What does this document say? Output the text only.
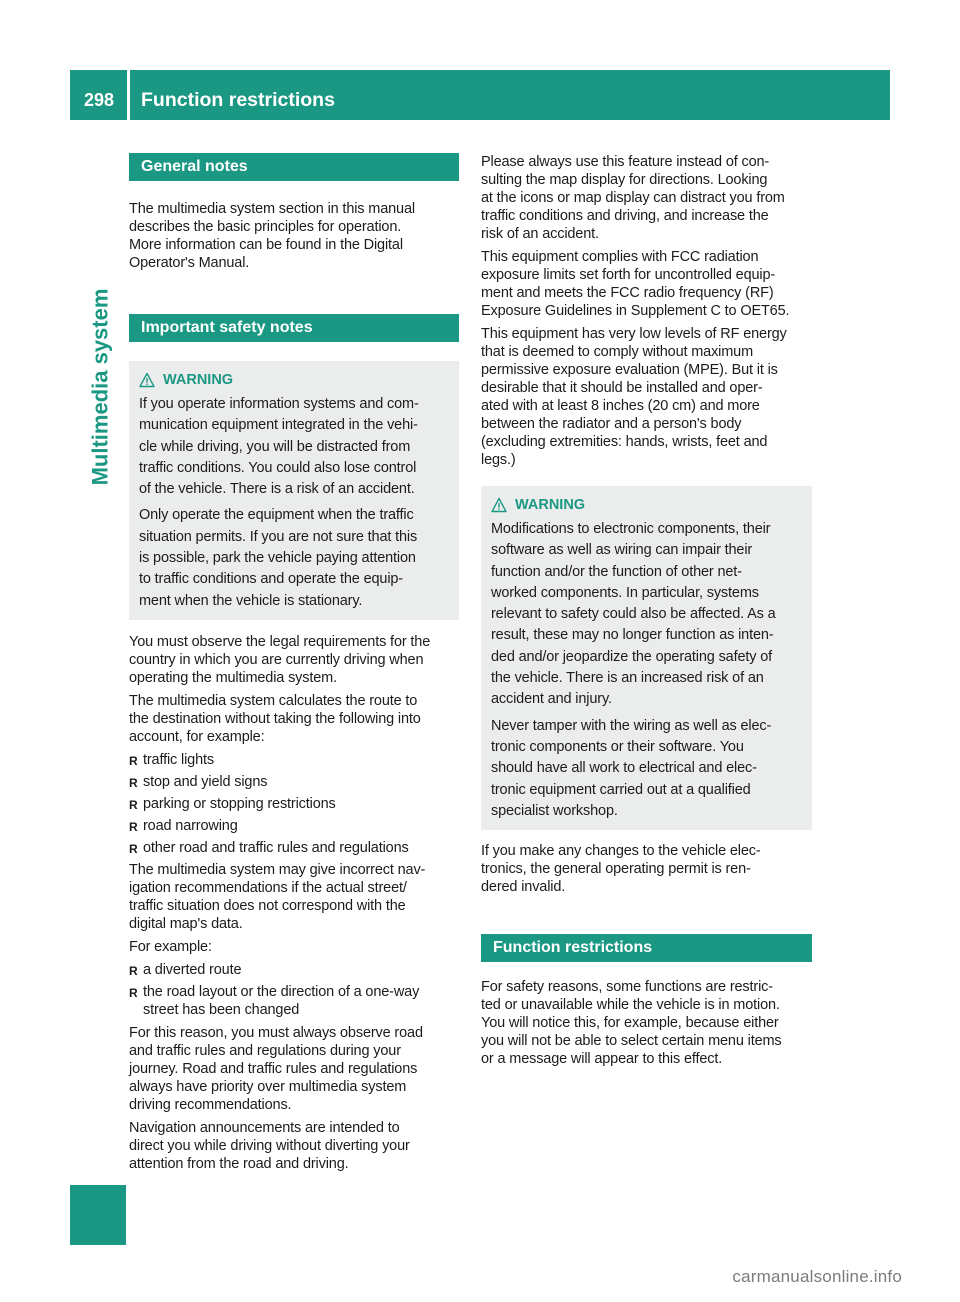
298	Function restrictions
Multimedia system
General notes
The multimedia system section in this manual
describes the basic principles for operation.
More information can be found in the Digital
Operator's Manual.
Important safety notes
WARNING
If you operate information systems and com-
munication equipment integrated in the vehi-
cle while driving, you will be distracted from
traffic conditions. You could also lose control
of the vehicle. There is a risk of an accident.
Only operate the equipment when the traffic
situation permits. If you are not sure that this
is possible, park the vehicle paying attention
to traffic conditions and operate the equip-
ment when the vehicle is stationary.
You must observe the legal requirements for the
country in which you are currently driving when
operating the multimedia system.
The multimedia system calculates the route to
the destination without taking the following into
account, for example:
R traffic lights
R stop and yield signs
R parking or stopping restrictions
R road narrowing
R other road and traffic rules and regulations
The multimedia system may give incorrect nav-
igation recommendations if the actual street/
traffic situation does not correspond with the
digital map's data.
For example:
R a diverted route
R the road layout or the direction of a one-way
street has been changed
For this reason, you must always observe road
and traffic rules and regulations during your
journey. Road and traffic rules and regulations
always have priority over multimedia system
driving recommendations.
Navigation announcements are intended to
direct you while driving without diverting your
attention from the road and driving.
Please always use this feature instead of con-
sulting the map display for directions. Looking
at the icons or map display can distract you from
traffic conditions and driving, and increase the
risk of an accident.
This equipment complies with FCC radiation
exposure limits set forth for uncontrolled equip-
ment and meets the FCC radio frequency (RF)
Exposure Guidelines in Supplement C to OET65.
This equipment has very low levels of RF energy
that is deemed to comply without maximum
permissive exposure evaluation (MPE). But it is
desirable that it should be installed and oper-
ated with at least 8 inches (20 cm) and more
between the radiator and a person's body
(excluding extremities: hands, wrists, feet and
legs.)
WARNING
Modifications to electronic components, their
software as well as wiring can impair their
function and/or the function of other net-
worked components. In particular, systems
relevant to safety could also be affected. As a
result, these may no longer function as inten-
ded and/or jeopardize the operating safety of
the vehicle. There is an increased risk of an
accident and injury.
Never tamper with the wiring as well as elec-
tronic components or their software. You
should have all work to electrical and elec-
tronic equipment carried out at a qualified
specialist workshop.
If you make any changes to the vehicle elec-
tronics, the general operating permit is ren-
dered invalid.
Function restrictions
For safety reasons, some functions are restric-
ted or unavailable while the vehicle is in motion.
You will notice this, for example, because either
you will not be able to select certain menu items
or a message will appear to this effect.
carmanualsonline.info
